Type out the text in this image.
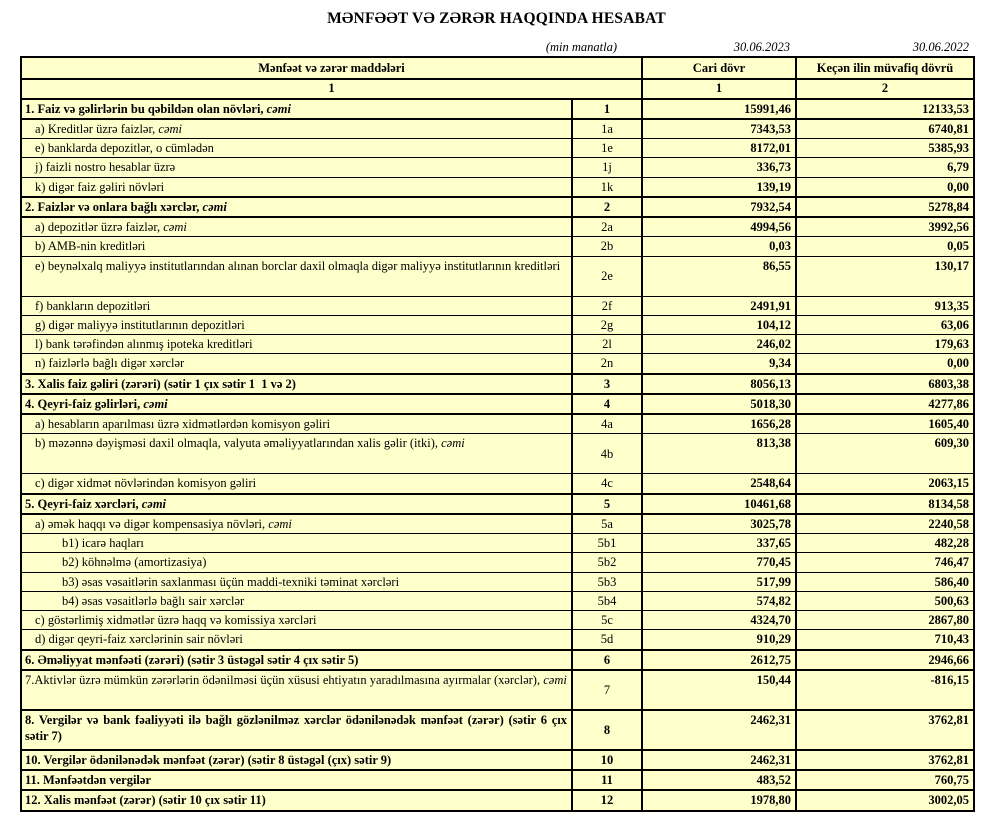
MƏNFƏƏT VƏ ZƏRƏR HAQQINDA HESABAT
(min manatla)	30.06.2023	30.06.2022
Mənfəət və zərər maddələri		Cari dövr	Keçən ilin müvafiq dövrü
1		1	2
1. Faiz və gəlirlərin bu qəbildən olan növləri, cəmi	1	15991,46	12133,53
a) Kreditlər üzrə faizlər, cəmi	1a	7343,53	6740,81
e) banklarda depozitlər, o cümlədən	1e	8172,01	5385,93
j) faizli nostro hesablar üzrə	1j	336,73	6,79
k) digər faiz gəliri növləri	1k	139,19	0,00
2. Faizlər və onlara bağlı xərclər, cəmi	2	7932,54	5278,84
a) depozitlər üzrə faizlər, cəmi	2a	4994,56	3992,56
b) AMB-nin kreditləri	2b	0,03	0,05
e) beynəlxalq maliyyə institutlarından alınan borclar daxil olmaqla digər maliyyə institutlarının kreditləri	2e	86,55	130,17
f) bankların depozitləri	2f	2491,91	913,35
g) digər maliyyə institutlarının depozitləri	2g	104,12	63,06
l) bank tərəfindən alınmış ipoteka kreditləri	2l	246,02	179,63
n) faizlərlə bağlı digər xərclər	2n	9,34	0,00
3. Xalis faiz gəliri (zərəri) (sətir 1 çıx sətir 1  1 və 2)	3	8056,13	6803,38
4. Qeyri-faiz gəlirləri, cəmi	4	5018,30	4277,86
a) hesabların aparılması üzrə xidmətlərdən komisyon gəliri	4a	1656,28	1605,40
b) məzənnə dəyişməsi daxil olmaqla, valyuta əməliyyatlarından xalis gəlir (itki), cəmi	4b	813,38	609,30
c) digər xidmət növlərindən komisyon gəliri	4c	2548,64	2063,15
5. Qeyri-faiz xərcləri, cəmi	5	10461,68	8134,58
a) əmək haqqı və digər kompensasiya növləri, cəmi	5a	3025,78	2240,58
b1) icarə haqları	5b1	337,65	482,28
b2) köhnəlmə (amortizasiya)	5b2	770,45	746,47
b3) əsas vəsaitlərin saxlanması üçün maddi-texniki təminat xərcləri	5b3	517,99	586,40
b4) əsas vəsaitlərlə bağlı sair xərclər	5b4	574,82	500,63
c) göstərlimiş xidmətlər üzrə haqq və komissiya xərcləri	5c	4324,70	2867,80
d) digər qeyri-faiz xərclərinin sair növləri	5d	910,29	710,43
6. Əməliyyat mənfəəti (zərəri) (sətir 3 üstəgəl sətir 4 çıx sətir 5)	6	2612,75	2946,66
7.Aktivlər üzrə mümkün zərərlərin ödənilməsi üçün xüsusi ehtiyatın yaradılmasına ayırmalar (xərclər), cəmi	7	150,44	-816,15
8. Vergilər və bank fəaliyyəti ilə bağlı gözlənilməz xərclər ödənilənədək mənfəət (zərər) (sətir 6 çıx sətir 7)	8	2462,31	3762,81
10. Vergilər ödənilənədək mənfəət (zərər) (sətir 8 üstəgəl (çıx) sətir 9)	10	2462,31	3762,81
11. Mənfəətdən vergilər	11	483,52	760,75
12. Xalis mənfəət (zərər) (sətir 10 çıx sətir 11)	12	1978,80	3002,05
